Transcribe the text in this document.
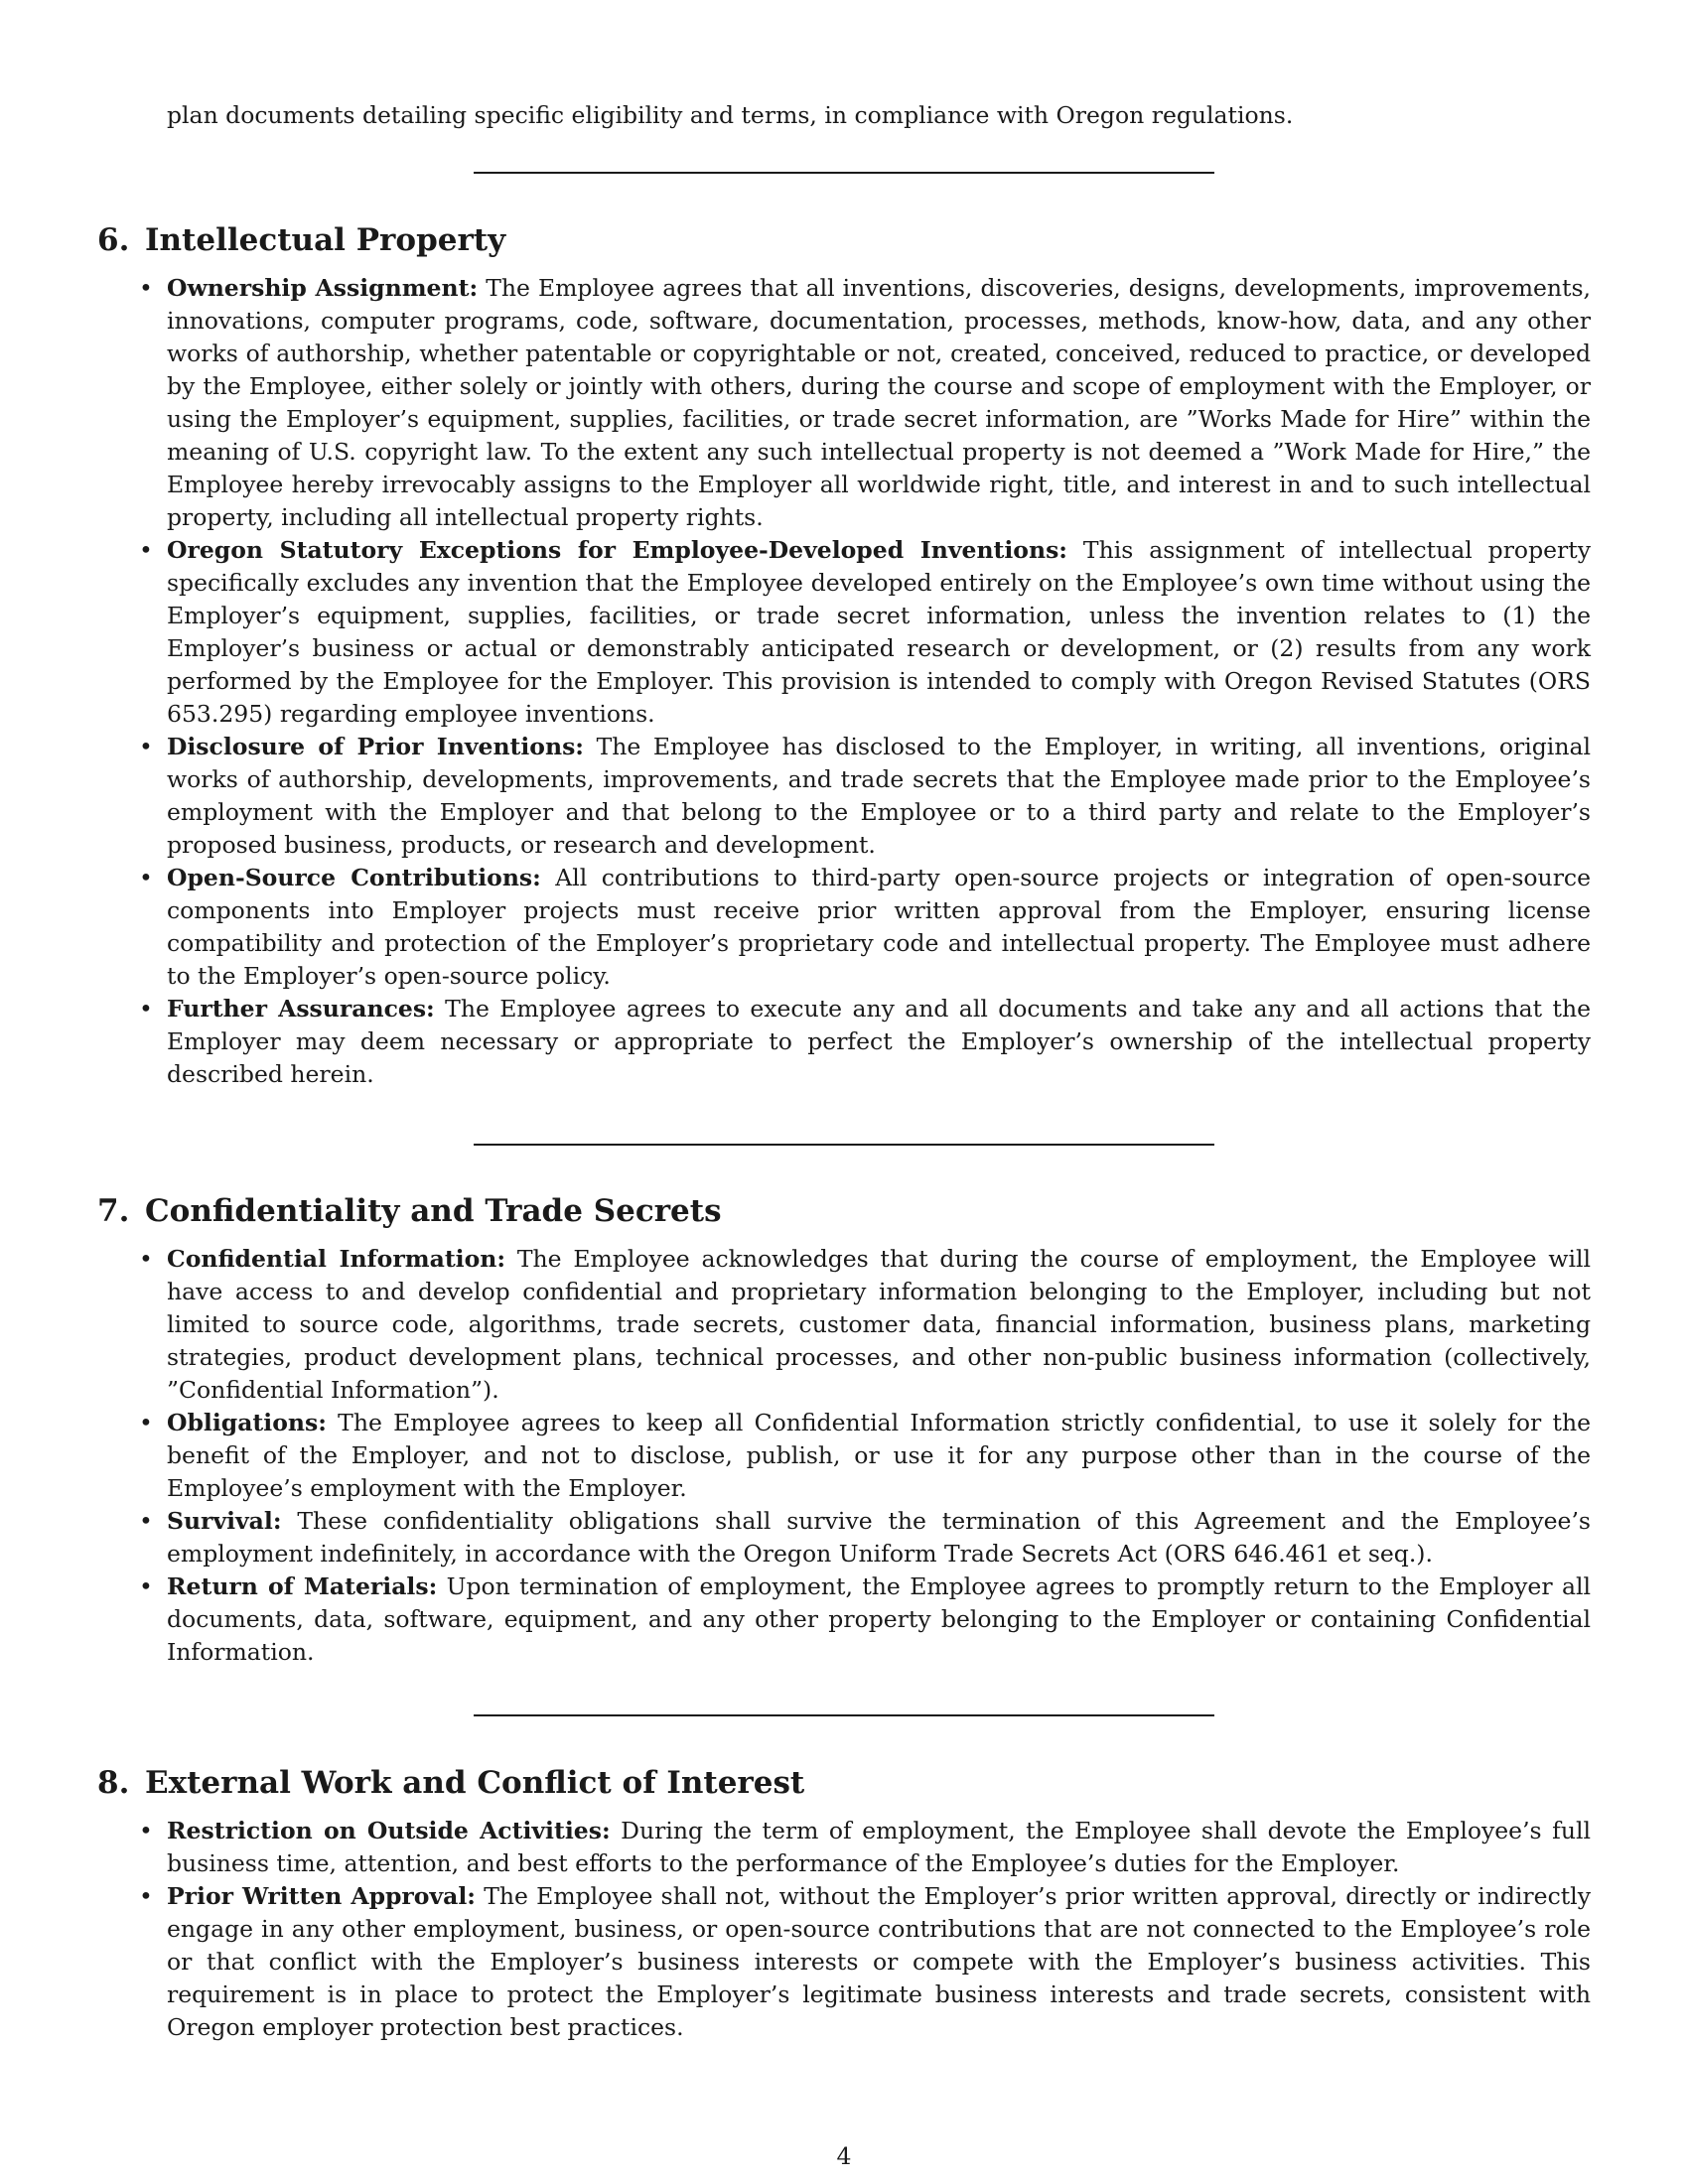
plan documents detailing specific eligibility and terms, in compliance with Oregon regulations.

6. Intellectual Property
• Ownership Assignment: The Employee agrees that all inventions, discoveries, designs, developments, improvements, innovations, computer programs, code, software, documentation, processes, methods, know-how, data, and any other works of authorship, whether patentable or copyrightable or not, created, conceived, reduced to practice, or developed by the Employee, either solely or jointly with others, during the course and scope of employment with the Employer, or using the Employer’s equipment, supplies, facilities, or trade secret information, are ”Works Made for Hire” within the meaning of U.S. copyright law. To the extent any such intellectual property is not deemed a ”Work Made for Hire,” the Employee hereby irrevocably assigns to the Employer all worldwide right, title, and interest in and to such intellectual property, including all intellectual property rights.
• Oregon Statutory Exceptions for Employee-Developed Inventions: This assignment of intellectual property specifically excludes any invention that the Employee developed entirely on the Employee’s own time without using the Employer’s equipment, supplies, facilities, or trade secret information, unless the invention relates to (1) the Employer’s business or actual or demonstrably anticipated research or development, or (2) results from any work performed by the Employee for the Employer. This provision is intended to comply with Oregon Revised Statutes (ORS 653.295) regarding employee inventions.
• Disclosure of Prior Inventions: The Employee has disclosed to the Employer, in writing, all inventions, original works of authorship, developments, improvements, and trade secrets that the Employee made prior to the Employee’s employment with the Employer and that belong to the Employee or to a third party and relate to the Employer’s proposed business, products, or research and development.
• Open-Source Contributions: All contributions to third-party open-source projects or integration of open-source components into Employer projects must receive prior written approval from the Employer, ensuring license compatibility and protection of the Employer’s proprietary code and intellectual property. The Employee must adhere to the Employer’s open-source policy.
• Further Assurances: The Employee agrees to execute any and all documents and take any and all actions that the Employer may deem necessary or appropriate to perfect the Employer’s ownership of the intellectual property described herein.
7. Confidentiality and Trade Secrets
• Confidential Information: The Employee acknowledges that during the course of employment, the Employee will have access to and develop confidential and proprietary information belonging to the Employer, including but not limited to source code, algorithms, trade secrets, customer data, financial information, business plans, marketing strategies, product development plans, technical processes, and other non-public business information (collectively, ”Confidential Information”).
• Obligations: The Employee agrees to keep all Confidential Information strictly confidential, to use it solely for the benefit of the Employer, and not to disclose, publish, or use it for any purpose other than in the course of the Employee’s employment with the Employer.
• Survival: These confidentiality obligations shall survive the termination of this Agreement and the Employee’s employment indefinitely, in accordance with the Oregon Uniform Trade Secrets Act (ORS 646.461 et seq.).
• Return of Materials: Upon termination of employment, the Employee agrees to promptly return to the Employer all documents, data, software, equipment, and any other property belonging to the Employer or containing Confidential Information.
8. External Work and Conflict of Interest
• Restriction on Outside Activities: During the term of employment, the Employee shall devote the Employee’s full business time, attention, and best efforts to the performance of the Employee’s duties for the Employer.
• Prior Written Approval: The Employee shall not, without the Employer’s prior written approval, directly or indirectly engage in any other employment, business, or open-source contributions that are not connected to the Employee’s role or that conflict with the Employer’s business interests or compete with the Employer’s business activities. This requirement is in place to protect the Employer’s legitimate business interests and trade secrets, consistent with Oregon employer protection best practices.
4
